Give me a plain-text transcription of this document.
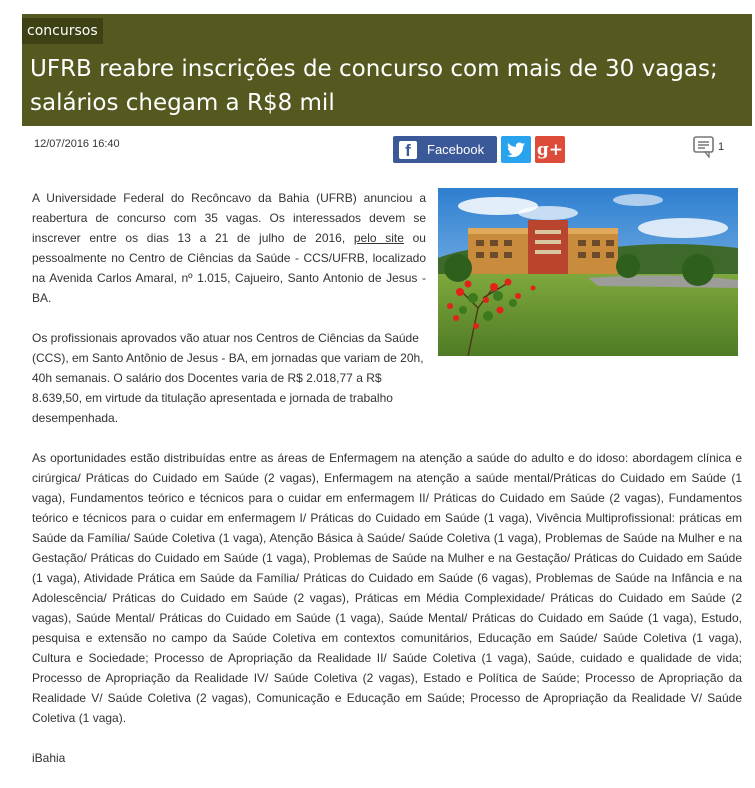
concursos
UFRB reabre inscrições de concurso com mais de 30 vagas; salários chegam a R$8 mil
12/07/2016 16:40	f	Facebook	g+	1

A Universidade Federal do Recôncavo da Bahia (UFRB) anunciou a reabertura de concurso com 35 vagas. Os interessados devem se inscrever entre os dias 13 a 21 de julho de 2016, pelo site ou pessoalmente no Centro de Ciências da Saúde - CCS/UFRB, localizado na Avenida Carlos Amaral, nº 1.015, Cajueiro, Santo Antonio de Jesus - BA.

Os profissionais aprovados vão atuar nos Centros de Ciências da Saúde (CCS), em Santo Antônio de Jesus - BA, em jornadas que variam de 20h, 40h semanais. O salário dos Docentes varia de R$ 2.018,77 a R$ 8.639,50, em virtude da titulação apresentada e jornada de trabalho desempenhada.

As oportunidades estão distribuídas entre as áreas de Enfermagem na atenção a saúde do adulto e do idoso: abordagem clínica e cirúrgica/ Práticas do Cuidado em Saúde (2 vagas), Enfermagem na atenção a saúde mental/Práticas do Cuidado em Saúde (1 vaga), Fundamentos teórico e técnicos para o cuidar em enfermagem II/ Práticas do Cuidado em Saúde (2 vagas), Fundamentos teórico e técnicos para o cuidar em enfermagem I/ Práticas do Cuidado em Saúde (1 vaga), Vivência Multiprofissional: práticas em Saúde da Família/ Saúde Coletiva (1 vaga), Atenção Básica à Saúde/ Saúde Coletiva (1 vaga), Problemas de Saúde na Mulher e na Gestação/ Práticas do Cuidado em Saúde (1 vaga), Problemas de Saúde na Mulher e na Gestação/ Práticas do Cuidado em Saúde (1 vaga), Atividade Prática em Saúde da Família/ Práticas do Cuidado em Saúde (6 vagas), Problemas de Saúde na Infância e na Adolescência/ Práticas do Cuidado em Saúde (2 vagas), Práticas em Média Complexidade/ Práticas do Cuidado em Saúde (2 vagas), Saúde Mental/ Práticas do Cuidado em Saúde (1 vaga), Saúde Mental/ Práticas do Cuidado em Saúde (1 vaga), Estudo, pesquisa e extensão no campo da Saúde Coletiva em contextos comunitários, Educação em Saúde/ Saúde Coletiva (1 vaga), Cultura e Sociedade; Processo de Apropriação da Realidade II/ Saúde Coletiva (1 vaga), Saúde, cuidado e qualidade de vida; Processo de Apropriação da Realidade IV/ Saúde Coletiva (2 vagas), Estado e Política de Saúde; Processo de Apropriação da Realidade V/ Saúde Coletiva (2 vagas), Comunicação e Educação em Saúde; Processo de Apropriação da Realidade V/ Saúde Coletiva (1 vaga).

iBahia
